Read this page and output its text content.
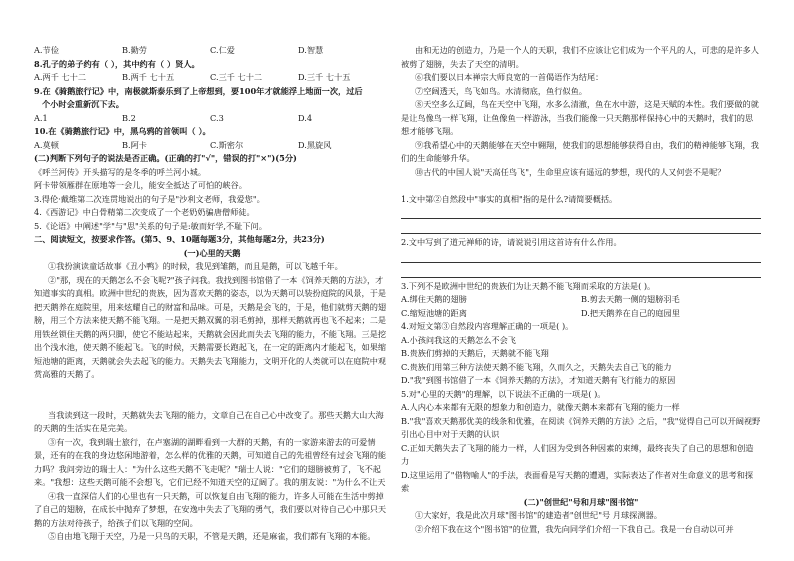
A.节俭	B.勤劳	C.仁爱	D.智慧
8.孔子的弟子约有（ ），其中约有（ ）贤人。
A.两千 七十二	B.两千 七十五	C.三千 七十二	D.三千 七十五
9.在《骑鹅旅行记》中，南极就斯泰乐到了上帝想到，要100年才就能浮上地面一次，过后
个小时会重新沉下去。
A.1	B.2	C.3	D.4
10.在《骑鹅旅行记》中，黑乌鸦的首领叫（ ）。
A.莫顿	B.阿卡	C.斯密尔	D.黑旋风
(二)判断下列句子的说法是否正确。(正确的打"√"，错误的打"×")(5分)
《呼兰河传》开头描写的是冬季的呼兰河小城。
阿卡带领雁群在原地等一会儿，能安全抵达了可怕的峡谷。
3.得伦·戴维第二次连贯地说出的句子是"沙利文老师，我爱您"。
4.《西游记》中白骨精第二次变成了一个老奶奶骗唐僧师徒。
5.《论语》中阐述"学"与"思"关系的句子是:敏而好学,不耻下问。
二、阅读短文，按要求作答。(第5、9、10题每题3分，其他每题2分，共23分)
(一)心里的天鹅
①我扮演读童话故事《丑小鸭》的时候，我见到雏鹅，而且是鹅，可以飞越千年。
②"那，现在的天鹅怎么不会飞呢?"孩子问我。我找到图书馆借了一本《饲养天鹅的方法》，才知道事实的真相。欧洲中世纪的贵族，因为喜欢天鹅的姿态，以为天鹅可以装扮庭院的风景，于是把天鹅养在庭院里，用来炫耀自己的财富和品味。可是，天鹅是会飞的，于是，他们就剪天鹅的翅膀，用三个方法来使天鹅不能飞翔。一是把天鹅双翼的羽毛剪掉，那样天鹅就再也飞不起来；二是用铁丝锁住天鹅的两只脚，使它不能站起来，天鹅就会因此而失去飞翔的能力，不能飞翔。三是挖出个浅水池，使天鹅不能起飞。飞的时候，天鹅需要长跑起飞，在一定的距离内才能起飞，如果缩短池塘的距离，天鹅就会失去起飞的能力。天鹅失去飞翔能力，文明开化的人类就可以在庭院中观赏高雅的天鹅了。
当我读到这一段时，天鹅就失去飞翔的能力，文章自己在自己心中改变了。那些天鹅大山大海的天鹅的生活实在是完美。
③有一次，我到瑞士旅行，在卢塞湖的湖畔看到一大群的天鹅，有的一家游来游去的可爱情景，还有的在我的身边悠闲地游着，怎么样的优雅的天鹅，可知道自己的先祖曾经有过会飞翔的能力吗？我问旁边的瑞士人："为什么这些天鹅不飞走呢？"瑞士人说："它们的翅膀被剪了，飞不起来。"我想：这些天鹅可能不会想飞，它们已经不知道天空的辽阔了。我的朋友说："为什么不让天
④我一直深信人们的心里也有一只天鹅，可以恢复自由飞翔的能力，许多人可能在生活中剪掉了自己的翅膀，在成长中抛弃了梦想，在安逸中失去了飞翔的勇气，我们要以对待自己心中那只天鹅的方法对待孩子，给孩子们以飞翔的空间。
⑤自由地飞翔于天空，乃是一只鸟的天职，不管是天鹅，还是麻雀，我们都有飞翔的本能。
由和无边的创造力，乃是一个人的天职，我们不应该让它们成为一个平凡的人，可悲的是许多人被剪了翅膀，失去了天空的清明。
⑥我们要以日本禅宗大师良宽的一首偈语作为结尾：
⑦空阔透天，鸟飞如鸟。水清彻底，鱼行似鱼。
⑧天空多么辽阔，鸟在天空中飞翔，水多么清澈，鱼在水中游，这是天赋的本性。我们要做的就是让鸟像鸟一样飞翔，让鱼像鱼一样游泳，当我们能像一只天鹅那样保持心中的天鹅时，我们的思想才能够飞翔。
⑨我希望心中的天鹅能够在天空中翱翔，使我们的思想能够获得自由，我们的精神能够飞翔，我们的生命能够升华。
⑩古代的中国人说"天高任鸟飞"，生命里应该有遥远的梦想，现代的人又何尝不是呢？
1.文中第②自然段中"事实的真相"指的是什么?请简要概括。
2.文中写到了道元禅师的诗，请说说引用这首诗有什么作用。
3.下列不是欧洲中世纪的贵族们为让天鹅不能飞翔而采取的方法是( )。
A.绑住天鹅的翅膀	B.剪去天鹅一侧的翅膀羽毛
C.缩短池塘的距离	D.把天鹅养在自己的庭园里
4.对短文第③自然段内容理解正确的一项是( )。
A.小孩问我这的天鹅怎么不会飞
B.贵族们剪掉的天鹅后，天鹅就不能飞翔
C.贵族们用第三种方法使天鹅不能飞翔，久而久之，天鹅失去自己飞的能力
D."我"到图书馆借了一本《饲养天鹅的方法》，才知道天鹅有飞行能力的原因
5.对"心里的天鹅"的理解，以下说法不正确的一项是( )。
A.人内心本来都有无限的想象力和创造力，就像天鹅本来都有飞翔的能力一样
B."我"喜欢天鹅那优美的线条和优雅，在阅读《饲养天鹅的方法》之后，"我"觉得自己可以开阔视野引出心目中对于天鹅的认识
C.正如天鹅失去了飞翔的能力一样，人们因为受到各种因素的束缚，最终丧失了自己的思想和创造力
D.这里运用了"借物喻人"的手法，表面看是写天鹅的遭遇，实际表达了作者对生命意义的思考和探索
(二)"创世纪"号和月球"图书馆"
①大家好，我是此次月球"图书馆"的建造者"创世纪"号 月球探测器。
②介绍下我在这个"图书馆"的位置，我先向同学们介绍一下我自己。我是一台自动以可并
